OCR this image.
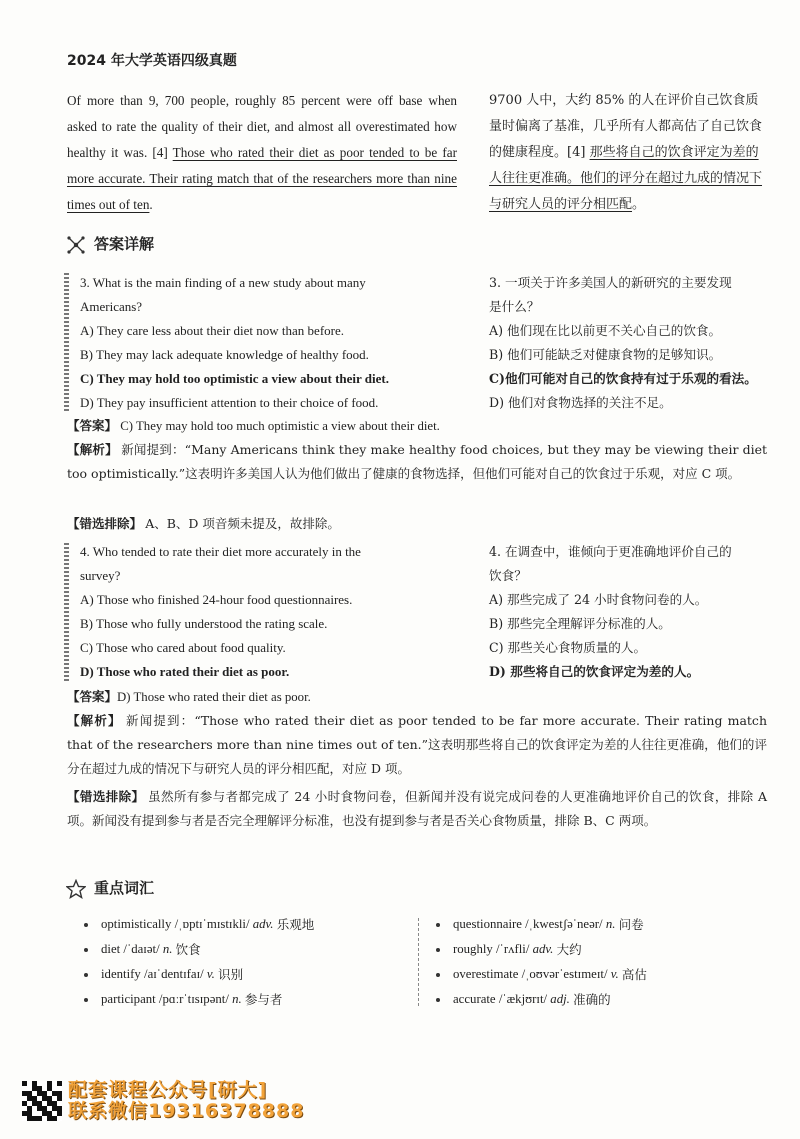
2024 年大学英语四级真题
Of more than 9, 700 people, roughly 85 percent were off base when asked to rate the quality of their diet, and almost all overestimated how healthy it was. [4] Those who rated their diet as poor tended to be far more accurate. Their rating match that of the researchers more than nine times out of ten.
9700 人中，大约 85% 的人在评价自己饮食质量时偏离了基准，几乎所有人都高估了自己饮食的健康程度。[4] 那些将自己的饮食评定为差的人往往更准确。他们的评分在超过九成的情况下与研究人员的评分相匹配。
答案详解
3. What is the main finding of a new study about many
Americans?
A) They care less about their diet now than before.
B) They may lack adequate knowledge of healthy food.
C) They may hold too optimistic a view about their diet.
D) They pay insufficient attention to their choice of food.
3. 一项关于许多美国人的新研究的主要发现
是什么？
A) 他们现在比以前更不关心自己的饮食。
B) 他们可能缺乏对健康食物的足够知识。
C)他们可能对自己的饮食持有过于乐观的看法。
D) 他们对食物选择的关注不足。
【答案】 C) They may hold too much optimistic a view about their diet.
【解析】 新闻提到：“Many Americans think they make healthy food choices, but they may be viewing their diet too optimistically.”这表明许多美国人认为他们做出了健康的食物选择，但他们可能对自己的饮食过于乐观，对应 C 项。
【错选排除】 A、B、D 项音频未提及，故排除。
4. Who tended to rate their diet more accurately in the
survey?
A) Those who finished 24-hour food questionnaires.
B) Those who fully understood the rating scale.
C) Those who cared about food quality.
D) Those who rated their diet as poor.
4. 在调查中，谁倾向于更准确地评价自己的
饮食？
A) 那些完成了 24 小时食物问卷的人。
B) 那些完全理解评分标准的人。
C) 那些关心食物质量的人。
D) 那些将自己的饮食评定为差的人。
【答案】D) Those who rated their diet as poor.
【解析】 新闻提到：“Those who rated their diet as poor tended to be far more accurate. Their rating match that of the researchers more than nine times out of ten.”这表明那些将自己的饮食评定为差的人往往更准确，他们的评分在超过九成的情况下与研究人员的评分相匹配，对应 D 项。
【错选排除】 虽然所有参与者都完成了 24 小时食物问卷，但新闻并没有说完成问卷的人更准确地评价自己的饮食，排除 A 项。新闻没有提到参与者是否完全理解评分标准，也没有提到参与者是否关心食物质量，排除 B、C 两项。
重点词汇
optimistically
/ˌɒptɪˈmɪstɪkli/
adv.
乐观地
diet
/ˈdaɪət/
n.
饮食
identify
/aɪˈdentɪfaɪ/
v.
识别
participant
/pɑːrˈtɪsɪpənt/
n.
参与者
questionnaire
/ˌkwestʃəˈneər/
n.
问卷
roughly
/ˈrʌfli/
adv.
大约
overestimate
/ˌoʊvərˈestɪmeɪt/
v.
高估
accurate
/ˈækjʊrɪt/
adj.
准确的
配套课程公众号[研大]
联系微信19316378888
